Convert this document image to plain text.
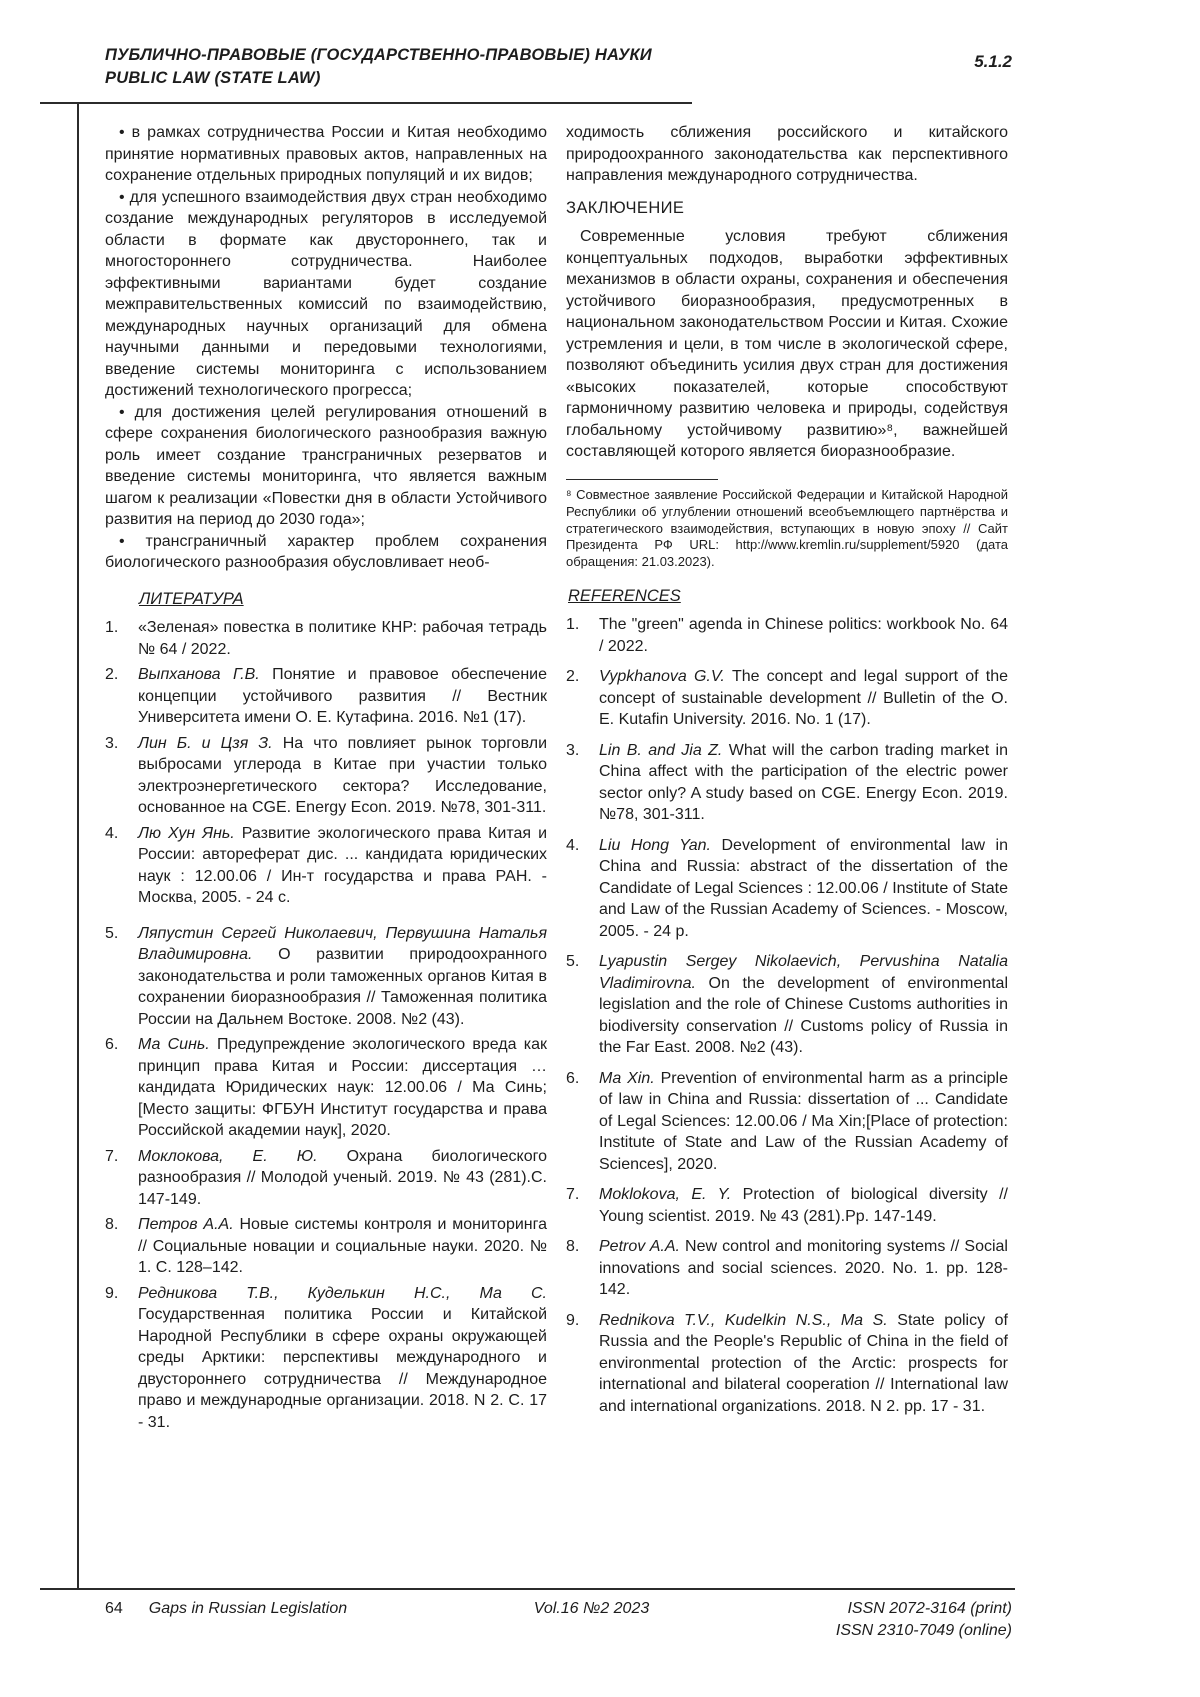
ПУБЛИЧНО-ПРАВОВЫЕ (ГОСУДАРСТВЕННО-ПРАВОВЫЕ) НАУКИ
PUBLIC LAW (STATE LAW)
5.1.2

• в рамках сотрудничества России и Китая необходимо принятие нормативных правовых актов, направленных на сохранение отдельных природных популяций и их видов;

• для успешного взаимодействия двух стран необходимо создание международных регуляторов в исследуемой области в формате как двустороннего, так и многостороннего сотрудничества. Наиболее эффективными вариантами будет создание межправительственных комиссий по взаимодействию, международных научных организаций для обмена научными данными и передовыми технологиями, введение системы мониторинга с использованием достижений технологического прогресса;

• для достижения целей регулирования отношений в сфере сохранения биологического разнообразия важную роль имеет создание трансграничных резерватов и введение системы мониторинга, что является важным шагом к реализации «Повестки дня в области Устойчивого развития на период до 2030 года»;

• трансграничный характер проблем сохранения биологического разнообразия обусловливает необ-

ЛИТЕРАТУРА
1. «Зеленая» повестка в политике КНР: рабочая тетрадь № 64 / 2022.
2. Выпханова Г.В. Понятие и правовое обеспечение концепции устойчивого развития // Вестник Университета имени О. Е. Кутафина. 2016. №1 (17).
3. Лин Б. и Цзя З. На что повлияет рынок торговли выбросами углерода в Китае при участии только электроэнергетического сектора? Исследование, основанное на CGE. Energy Econ. 2019. №78, 301-311.
4. Лю Хун Янь. Развитие экологического права Китая и России: автореферат дис. ... кандидата юридических наук : 12.00.06 / Ин-т государства и права РАН. - Москва, 2005. - 24 с.
5. Ляпустин Сергей Николаевич, Первушина Наталья Владимировна. О развитии природоохранного законодательства и роли таможенных органов Китая в сохранении биоразнообразия // Таможенная политика России на Дальнем Востоке. 2008. №2 (43).
6. Ма Синь. Предупреждение экологического вреда как принцип права Китая и России: диссертация … кандидата Юридических наук: 12.00.06 / Ма Синь;[Место защиты: ФГБУН Институт государства и права Российской академии наук], 2020.
7. Моклокова, Е. Ю. Охрана биологического разнообразия // Молодой ученый. 2019. № 43 (281).С. 147-149.
8. Петров А.А. Новые системы контроля и мониторинга // Социальные новации и социальные науки. 2020. № 1. С. 128–142.
9. Редникова Т.В., Куделькин Н.С., Ма С. Государственная политика России и Китайской Народной Республики в сфере охраны окружающей среды Арктики: перспективы международного и двустороннего сотрудничества // Международное право и международные организации. 2018. N 2. С. 17 - 31.

ходимость сближения российского и китайского природоохранного законодательства как перспективного направления международного сотрудничества.

ЗАКЛЮЧЕНИЕ

Современные условия требуют сближения концептуальных подходов, выработки эффективных механизмов в области охраны, сохранения и обеспечения устойчивого биоразнообразия, предусмотренных в национальном законодательством России и Китая. Схожие устремления и цели, в том числе в экологической сфере, позволяют объединить усилия двух стран для достижения «высоких показателей, которые способствуют гармоничному развитию человека и природы, содействуя глобальному устойчивому развитию»⁸, важнейшей составляющей которого является биоразнообразие.

⁸ Совместное заявление Российской Федерации и Китайской Народной Республики об углублении отношений всеобъемлющего партнёрства и стратегического взаимодействия, вступающих в новую эпоху // Сайт Президента РФ URL: http://www.kremlin.ru/supplement/5920 (дата обращения: 21.03.2023).

REFERENCES
1. The "green" agenda in Chinese politics: workbook No. 64 / 2022.
2. Vypkhanova G.V. The concept and legal support of the concept of sustainable development // Bulletin of the O. E. Kutafin University. 2016. No. 1 (17).
3. Lin B. and Jia Z. What will the carbon trading market in China affect with the participation of the electric power sector only? A study based on CGE. Energy Econ. 2019. №78, 301-311.
4. Liu Hong Yan. Development of environmental law in China and Russia: abstract of the dissertation of the Candidate of Legal Sciences : 12.00.06 / Institute of State and Law of the Russian Academy of Sciences. - Moscow, 2005. - 24 p.
5. Lyapustin Sergey Nikolaevich, Pervushina Natalia Vladimirovna. On the development of environmental legislation and the role of Chinese Customs authorities in biodiversity conservation // Customs policy of Russia in the Far East. 2008. №2 (43).
6. Ma Xin. Prevention of environmental harm as a principle of law in China and Russia: dissertation of ... Candidate of Legal Sciences: 12.00.06 / Ma Xin;[Place of protection: Institute of State and Law of the Russian Academy of Sciences], 2020.
7. Moklokova, E. Y. Protection of biological diversity // Young scientist. 2019. № 43 (281).Pp. 147-149.
8. Petrov A.A. New control and monitoring systems // Social innovations and social sciences. 2020. No. 1. pp. 128-142.
9. Rednikova T.V., Kudelkin N.S., Ma S. State policy of Russia and the People's Republic of China in the field of environmental protection of the Arctic: prospects for international and bilateral cooperation // International law and international organizations. 2018. N 2. pp. 17 - 31.
64 Gaps in Russian Legislation	Vol.16 №2 2023	ISSN 2072-3164 (print)
ISSN 2310-7049 (online)
